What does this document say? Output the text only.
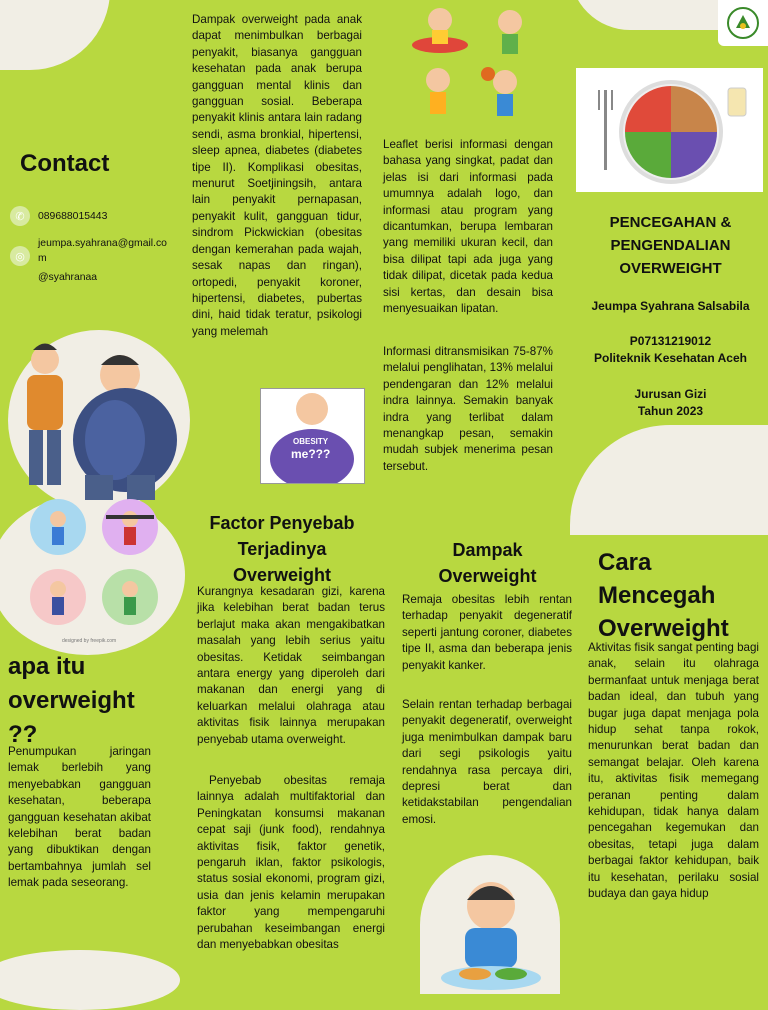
Contact
✆	089688015443
jeumpa.syahrana@gmail.com
◎
@syahranaa
designed by freepik.com
apa itu overweight ??
Penumpukan jaringan lemak berlebih yang menyebabkan gangguan kesehatan, beberapa gangguan kesehatan akibat kelebihan berat badan yang dibuktikan dengan bertambahnya jumlah sel lemak pada seseorang.
Dampak overweight pada anak dapat menimbulkan berbagai penyakit, biasanya gangguan kesehatan pada anak berupa gangguan mental klinis dan gangguan sosial. Beberapa penyakit klinis antara lain radang sendi, asma bronkial, hipertensi, sleep apnea, diabetes (diabetes tipe II). Komplikasi obesitas, menurut Soetjiningsih, antara lain penyakit pernapasan, penyakit kulit, gangguan tidur, sindrom Pickwickian (obesitas dengan kemerahan pada wajah, sesak napas dan ringan), ortopedi, penyakit koroner, hipertensi, diabetes, pubertas dini, haid tidak teratur, psikologi yang melemah
OBESITY
me???
Leaflet berisi informasi dengan bahasa yang singkat, padat dan jelas isi dari informasi pada umumnya adalah logo, dan informasi atau program yang dicantumkan, berupa lembaran yang memiliki ukuran kecil, dan bisa dilipat tapi ada juga yang tidak dilipat, dicetak pada kedua sisi kertas, dan desain bisa menyesuaikan lipatan.
Informasi ditransmisikan 75-87% melalui penglihatan, 13% melalui pendengaran dan 12% melalui indra lainnya. Semakin banyak indra yang terlibat dalam menangkap pesan, semakin mudah subjek menerima pesan tersebut.
PENCEGAHAN & PENGENDALIAN OVERWEIGHT
Jeumpa Syahrana Salsabila
P07131219012
Politeknik Kesehatan Aceh
Jurusan Gizi
Tahun 2023
Factor Penyebab Terjadinya Overweight
Kurangnya kesadaran gizi, karena jika kelebihan berat badan terus berlajut maka akan mengakibatkan masalah yang lebih serius yaitu obesitas. Ketidak seimbangan antara energy yang diperoleh dari makanan dan energi yang di keluarkan melalui olahraga atau aktivitas fisik lainnya merupakan penyebab utama overweight.
Penyebab obesitas remaja lainnya adalah multifaktorial dan Peningkatan konsumsi makanan cepat saji (junk food), rendahnya aktivitas fisik, faktor genetik, pengaruh iklan, faktor psikologis, status sosial ekonomi, program gizi, usia dan jenis kelamin merupakan faktor yang mempengaruhi perubahan keseimbangan energi dan menyebabkan obesitas
Dampak Overweight
Remaja obesitas lebih rentan terhadap penyakit degeneratif seperti jantung coroner, diabetes tipe II, asma dan beberapa jenis penyakit kanker.
Selain rentan terhadap berbagai penyakit degeneratif, overweight juga menimbulkan dampak baru dari segi psikologis yaitu rendahnya rasa percaya diri, depresi berat dan ketidakstabilan pengendalian emosi.
Cara Mencegah Overweight
Aktivitas fisik sangat penting bagi anak, selain itu olahraga bermanfaat untuk menjaga berat badan ideal, dan tubuh yang bugar juga dapat menjaga pola hidup sehat tanpa rokok, menurunkan berat badan dan semangat belajar. Oleh karena itu, aktivitas fisik memegang peranan penting dalam kehidupan, tidak hanya dalam pencegahan kegemukan dan obesitas, tetapi juga dalam berbagai faktor kehidupan, baik itu kesehatan, perilaku sosial budaya dan gaya hidup
